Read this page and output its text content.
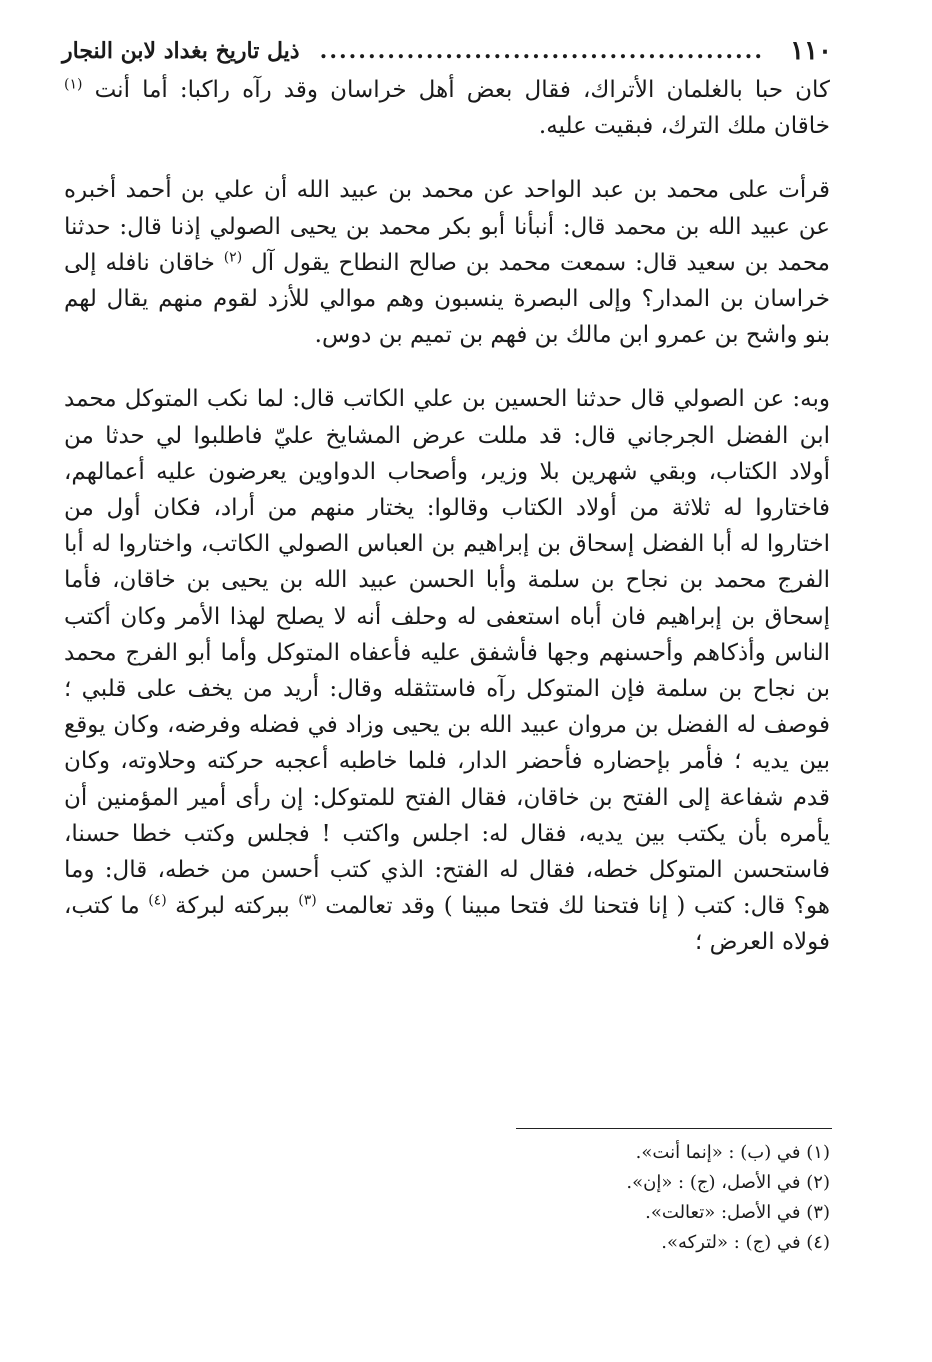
١١٠
..............................................
ذيل تاريخ بغداد لابن النجار

كان حبا بالغلمان الأتراك، فقال بعض أهل خراسان وقد رآه راكبا: أما أنت $^{(١)}$ خاقان ملك الترك، فبقيت عليه.

قرأت على محمد بن عبد الواحد عن محمد بن عبيد الله أن علي بن أحمد أخبره عن عبيد الله بن محمد قال: أنبأنا أبو بكر محمد بن يحيى الصولي إذنا قال: حدثنا محمد بن سعيد قال: سمعت محمد بن صالح النطاح يقول آل $^{(٢)}$ خاقان نافله إلى خراسان بن المدار؟ وإلى البصرة ينسبون وهم موالي للأزد لقوم منهم يقال لهم بنو واشح بن عمرو ابن مالك بن فهم بن تميم بن دوس.

وبه: عن الصولي قال حدثنا الحسين بن علي الكاتب قال: لما نكب المتوكل محمد ابن الفضل الجرجاني قال: قد مللت عرض المشايخ عليّ فاطلبوا لي حدثا من أولاد الكتاب، وبقي شهرين بلا وزير، وأصحاب الدواوين يعرضون عليه أعمالهم، فاختاروا له ثلاثة من أولاد الكتاب وقالوا: يختار منهم من أراد، فكان أول من اختاروا له أبا الفضل إسحاق بن إبراهيم بن العباس الصولي الكاتب، واختاروا له أبا الفرج محمد بن نجاح بن سلمة وأبا الحسن عبيد الله بن يحيى بن خاقان، فأما إسحاق بن إبراهيم فان أباه استعفى له وحلف أنه لا يصلح لهذا الأمر وكان أكتب الناس وأذكاهم وأحسنهم وجها فأشفق عليه فأعفاه المتوكل وأما أبو الفرج محمد بن نجاح بن سلمة فإن المتوكل رآه فاستثقله وقال: أريد من يخف على قلبي ؛ فوصف له الفضل بن مروان عبيد الله بن يحيى وزاد في فضله وفرضه، وكان يوقع بين يديه ؛ فأمر بإحضاره فأحضر الدار، فلما خاطبه أعجبه حركته وحلاوته، وكان قدم شفاعة إلى الفتح بن خاقان، فقال الفتح للمتوكل: إن رأى أمير المؤمنين أن يأمره بأن يكتب بين يديه، فقال له: اجلس واكتب ! فجلس وكتب خطا حسنا، فاستحسن المتوكل خطه، فقال له الفتح: الذي كتب أحسن من خطه، قال: وما هو؟ قال: كتب ( إنا فتحنا لك فتحا مبينا ) وقد تعالمت $^{(٣)}$ ببركته لبركة $^{(٤)}$ ما كتب، فولاه العرض ؛

(١) في (ب) : «إنما أنت».

(٢) في الأصل، (ج) : «إن».

(٣) في الأصل: «تعالت».

(٤) في (ج) : «لتركه».
